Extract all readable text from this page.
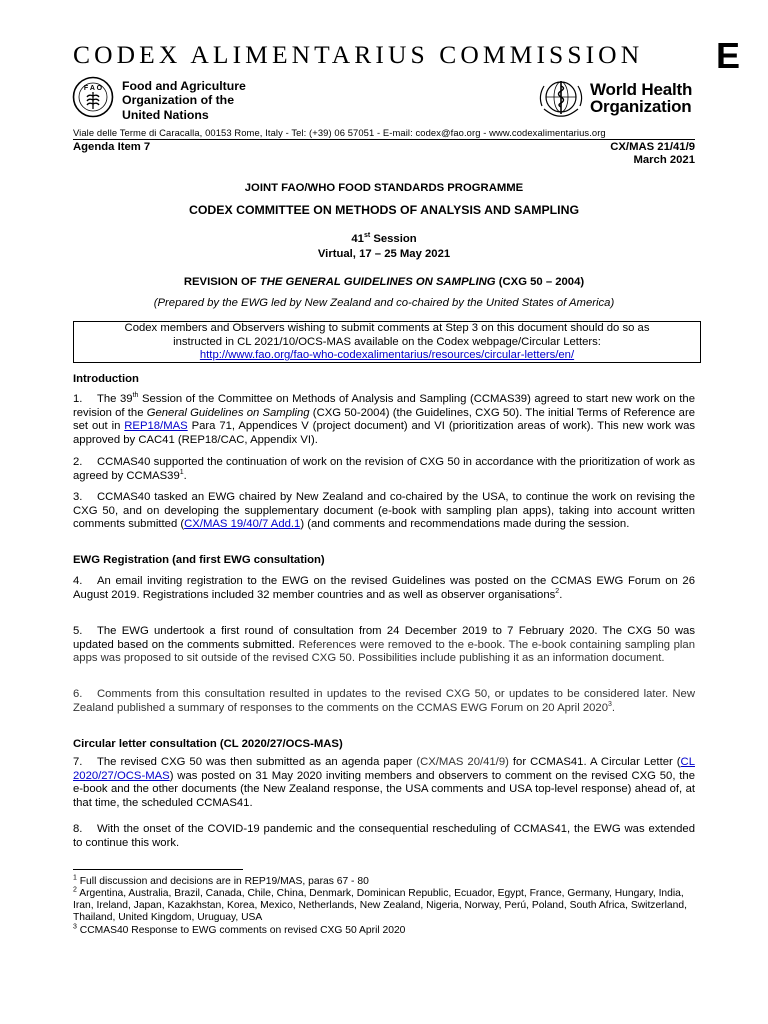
CODEX ALIMENTARIUS COMMISSION E
F A O Food and Agriculture
Organization of the
United Nations
World Health
Organization
Viale delle Terme di Caracalla, 00153 Rome, Italy - Tel: (+39) 06 57051 - E-mail: codex@fao.org - www.codexalimentarius.org
Agenda Item 7	CX/MAS 21/41/9
March 2021
JOINT FAO/WHO FOOD STANDARDS PROGRAMME
CODEX COMMITTEE ON METHODS OF ANALYSIS AND SAMPLING
41st Session
Virtual, 17 – 25 May 2021
REVISION OF THE GENERAL GUIDELINES ON SAMPLING (CXG 50 – 2004)
(Prepared by the EWG led by New Zealand and co-chaired by the United States of America)
Codex members and Observers wishing to submit comments at Step 3 on this document should do so as
instructed in CL 2021/10/OCS-MAS available on the Codex webpage/Circular Letters:
http://www.fao.org/fao-who-codexalimentarius/resources/circular-letters/en/
Introduction
1. The 39th Session of the Committee on Methods of Analysis and Sampling (CCMAS39) agreed to start new work on the revision of the General Guidelines on Sampling (CXG 50-2004) (the Guidelines, CXG 50). The initial Terms of Reference are set out in REP18/MAS Para 71, Appendices V (project document) and VI (prioritization areas of work). This new work was approved by CAC41 (REP18/CAC, Appendix VI).
2. CCMAS40 supported the continuation of work on the revision of CXG 50 in accordance with the prioritization of work as agreed by $CCMAS39^1$.
3. CCMAS40 tasked an EWG chaired by New Zealand and co-chaired by the USA, to continue the work on revising the CXG 50, and on developing the supplementary document (e-book with sampling plan apps), taking into account written comments submitted (CX/MAS 19/40/7 Add.1) (and comments and recommendations made during the session.
EWG Registration (and first EWG consultation)
4. An email inviting registration to the EWG on the revised Guidelines was posted on the CCMAS EWG Forum on 26 August 2019. Registrations included 32 member countries and as well as observer organisations$^2$.
5. The EWG undertook a first round of consultation from 24 December 2019 to 7 February 2020. The CXG 50 was updated based on the comments submitted. References were removed to the e-book. The e-book containing sampling plan apps was proposed to sit outside of the revised CXG 50. Possibilities include publishing it as an information document.
6. Comments from this consultation resulted in updates to the revised CXG 50, or updates to be considered later. New Zealand published a summary of responses to the comments on the CCMAS EWG Forum on 20 April 2020$^3$.
Circular letter consultation (CL 2020/27/OCS-MAS)
7. The revised CXG 50 was then submitted as an agenda paper (CX/MAS 20/41/9) for CCMAS41. A Circular Letter (CL 2020/27/OCS-MAS) was posted on 31 May 2020 inviting members and observers to comment on the revised CXG 50, the e-book and the other documents (the New Zealand response, the USA comments and USA top-level response) ahead of, at that time, the scheduled CCMAS41.
8. With the onset of the COVID-19 pandemic and the consequential rescheduling of CCMAS41, the EWG was extended to continue this work.
$^1$ Full discussion and decisions are in REP19/MAS, paras 67 - 80
$^2$ Argentina, Australia, Brazil, Canada, Chile, China, Denmark, Dominican Republic, Ecuador, Egypt, France, Germany, Hungary, India, Iran, Ireland, Japan, Kazakhstan, Korea, Mexico, Netherlands, New Zealand, Nigeria, Norway, Perú, Poland, South Africa, Switzerland, Thailand, United Kingdom, Uruguay, USA
$^3$ CCMAS40 Response to EWG comments on revised CXG 50 April 2020
